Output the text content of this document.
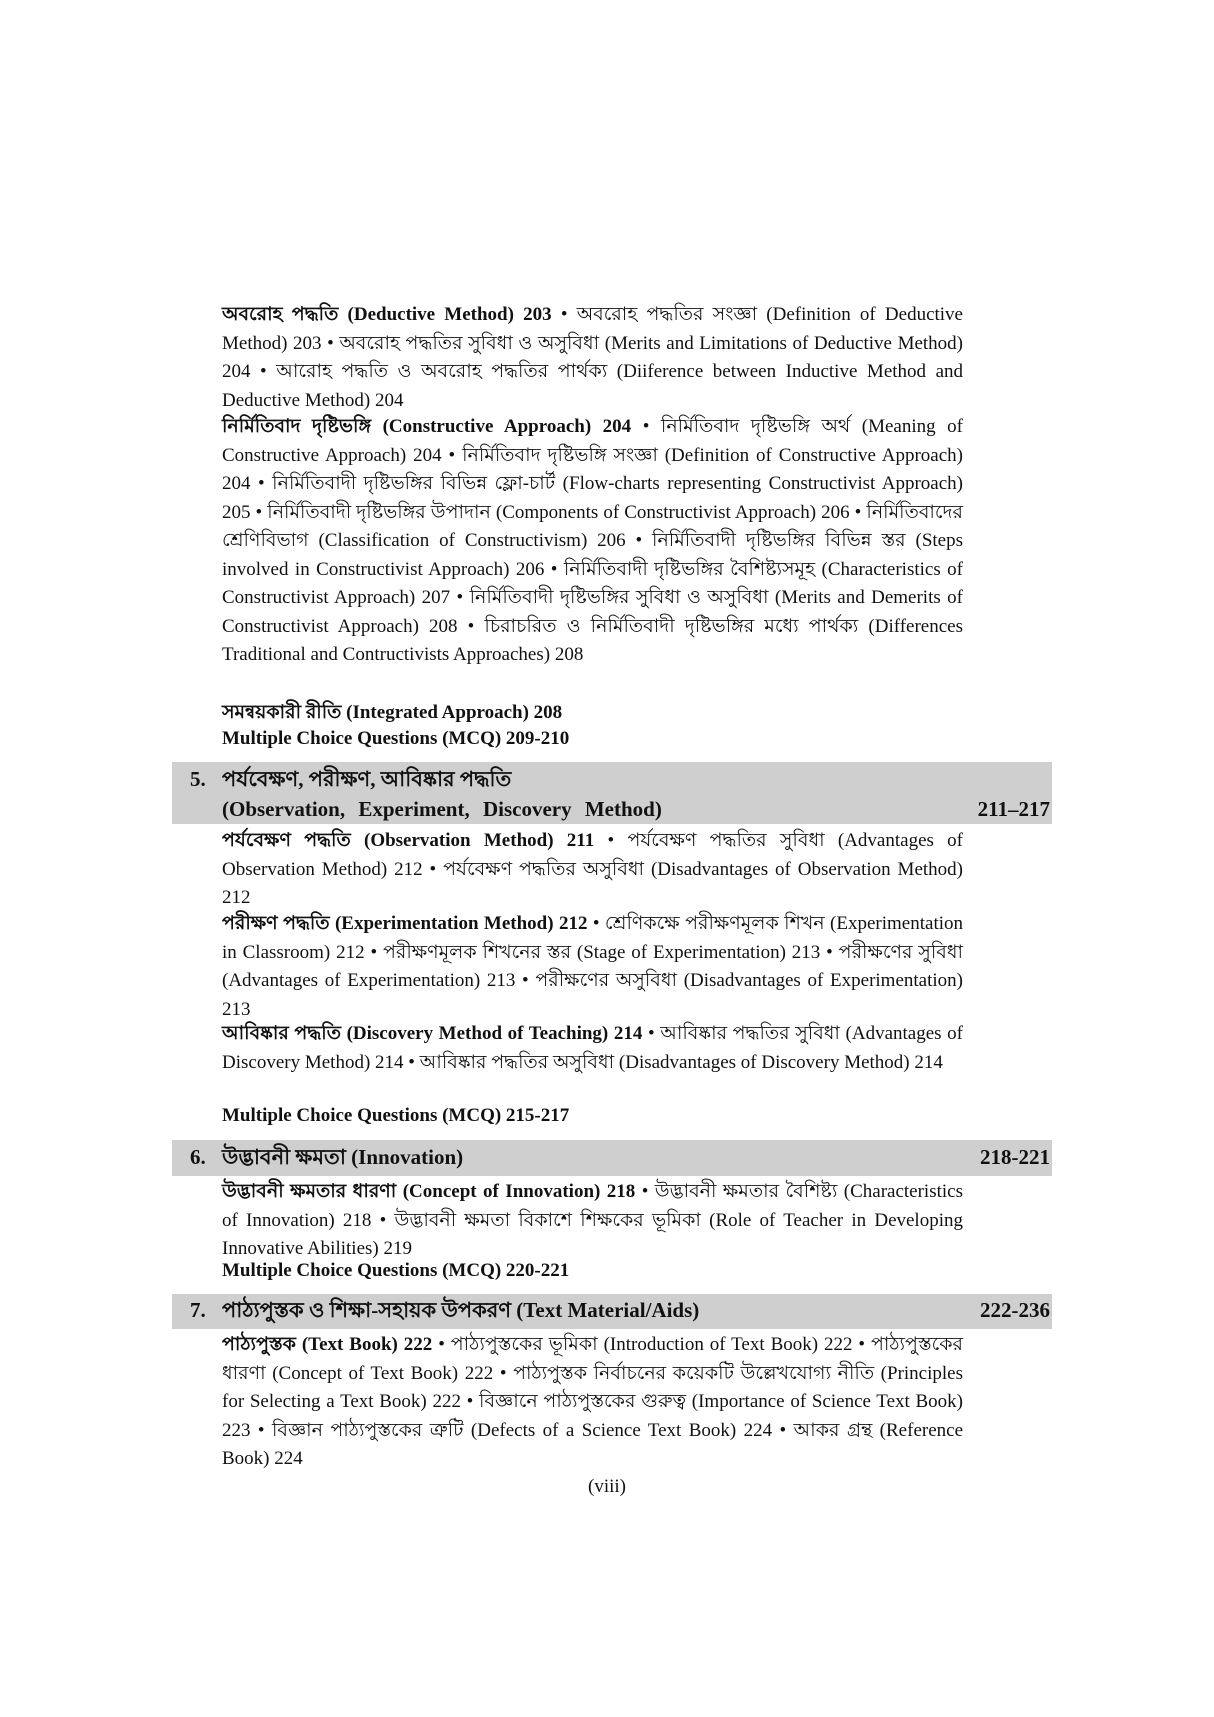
অবরোহ পদ্ধতি (Deductive Method) 203 • অবরোহ পদ্ধতির সংজ্ঞা (Definition of Deductive Method) 203 • অবরোহ পদ্ধতির সুবিধা ও অসুবিধা (Merits and Limitations of Deductive Method) 204 • আরোহ পদ্ধতি ও অবরোহ পদ্ধতির পার্থক্য (Diiference between Inductive Method and Deductive Method) 204
নির্মিতিবাদ দৃষ্টিভঙ্গি (Constructive Approach) 204 • নির্মিতিবাদ দৃষ্টিভঙ্গি অর্থ (Meaning of Constructive Approach) 204 • নির্মিতিবাদ দৃষ্টিভঙ্গি সংজ্ঞা (Definition of Constructive Approach) 204 • নির্মিতিবাদী দৃষ্টিভঙ্গির বিভিন্ন ফ্লো-চার্ট (Flow-charts representing Constructivist Approach) 205 • নির্মিতিবাদী দৃষ্টিভঙ্গির উপাদান (Components of Constructivist Approach) 206 • নির্মিতিবাদের শ্রেণিবিভাগ (Classification of Constructivism) 206 • নির্মিতিবাদী দৃষ্টিভঙ্গির বিভিন্ন স্তর (Steps involved in Constructivist Approach) 206 • নির্মিতিবাদী দৃষ্টিভঙ্গির বৈশিষ্ট্যসমূহ (Characteristics of Constructivist Approach) 207 • নির্মিতিবাদী দৃষ্টিভঙ্গির সুবিধা ও অসুবিধা (Merits and Demerits of Constructivist Approach) 208 • চিরাচরিত ও নির্মিতিবাদী দৃষ্টিভঙ্গির মধ্যে পার্থক্য (Differences Traditional and Contructivists Approaches) 208
সমন্বয়কারী রীতি (Integrated Approach) 208
Multiple Choice Questions (MCQ) 209-210
5. পর্যবেক্ষণ, পরীক্ষণ, আবিষ্কার পদ্ধতি
(Observation, Experiment, Discovery Method)	211–217
পর্যবেক্ষণ পদ্ধতি (Observation Method) 211 • পর্যবেক্ষণ পদ্ধতির সুবিধা (Advantages of Observation Method) 212 • পর্যবেক্ষণ পদ্ধতির অসুবিধা (Disadvantages of Observation Method) 212
পরীক্ষণ পদ্ধতি (Experimentation Method) 212 • শ্রেণিকক্ষে পরীক্ষণমূলক শিখন (Experimentation in Classroom) 212 • পরীক্ষণমূলক শিখনের স্তর (Stage of Experimentation) 213 • পরীক্ষণের সুবিধা (Advantages of Experimentation) 213 • পরীক্ষণের অসুবিধা (Disadvantages of Experimentation) 213
আবিষ্কার পদ্ধতি (Discovery Method of Teaching) 214 • আবিষ্কার পদ্ধতির সুবিধা (Advantages of Discovery Method) 214 • আবিষ্কার পদ্ধতির অসুবিধা (Disadvantages of Discovery Method) 214
Multiple Choice Questions (MCQ) 215-217
6. উদ্ভাবনী ক্ষমতা (Innovation)	218-221
উদ্ভাবনী ক্ষমতার ধারণা (Concept of Innovation) 218 • উদ্ভাবনী ক্ষমতার বৈশিষ্ট্য (Characteristics of Innovation) 218 • উদ্ভাবনী ক্ষমতা বিকাশে শিক্ষকের ভূমিকা (Role of Teacher in Developing Innovative Abilities) 219
Multiple Choice Questions (MCQ) 220-221
7. পাঠ্যপুস্তক ও শিক্ষা-সহায়ক উপকরণ (Text Material/Aids)	222-236
পাঠ্যপুস্তক (Text Book) 222 • পাঠ্যপুস্তকের ভূমিকা (Introduction of Text Book) 222 • পাঠ্যপুস্তকের ধারণা (Concept of Text Book) 222 • পাঠ্যপুস্তক নির্বাচনের কয়েকটি উল্লেখযোগ্য নীতি (Principles for Selecting a Text Book) 222 • বিজ্ঞানে পাঠ্যপুস্তকের গুরুত্ব (Importance of Science Text Book) 223 • বিজ্ঞান পাঠ্যপুস্তকের ত্রুটি (Defects of a Science Text Book) 224 • আকর গ্রন্থ (Reference Book) 224
(viii)
